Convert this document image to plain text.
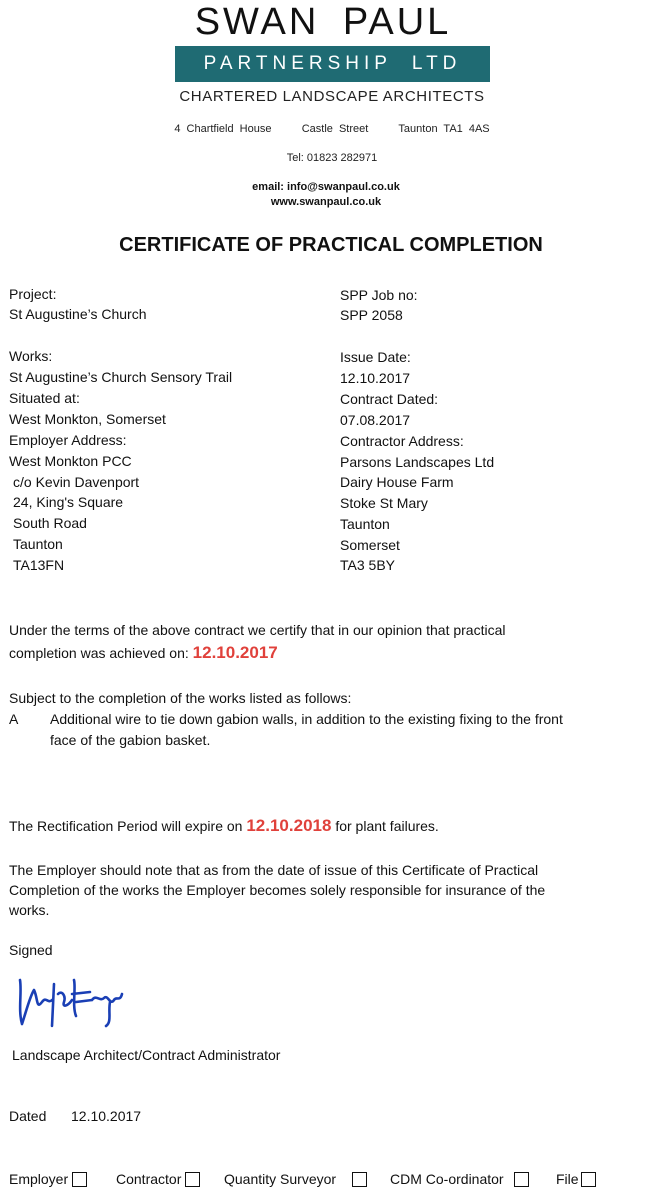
SWAN PAUL
PARTNERSHIP LTD
CHARTERED LANDSCAPE ARCHITECTS
4 Chartfield House	Castle Street	Taunton TA1 4AS
Tel: 01823 282971
email: info@swanpaul.co.uk
www.swanpaul.co.uk
CERTIFICATE OF PRACTICAL COMPLETION
Project:
St Augustine’s Church
Works:
St Augustine’s Church Sensory Trail
Situated at:
West Monkton, Somerset
Employer Address:
West Monkton PCC
c/o Kevin Davenport
24, King's Square
South Road
Taunton
TA13FN
SPP Job no:
SPP 2058
Issue Date:
12.10.2017
Contract Dated:
07.08.2017
Contractor Address:
Parsons Landscapes Ltd
Dairy House Farm
Stoke St Mary
Taunton
Somerset
TA3 5BY
Under the terms of the above contract we certify that in our opinion that practical
completion was achieved on: 12.10.2017
Subject to the completion of the works listed as follows:
A Additional wire to tie down gabion walls, in addition to the existing fixing to the front
face of the gabion basket.
The Rectification Period will expire on 12.10.2018 for plant failures.
The Employer should note that as from the date of issue of this Certificate of Practical
Completion of the works the Employer becomes solely responsible for insurance of the
works.
Signed
Landscape Architect/Contract Administrator
Dated 12.10.2017
Employer	Contractor	Quantity Surveyor	CDM Co-ordinator	File
